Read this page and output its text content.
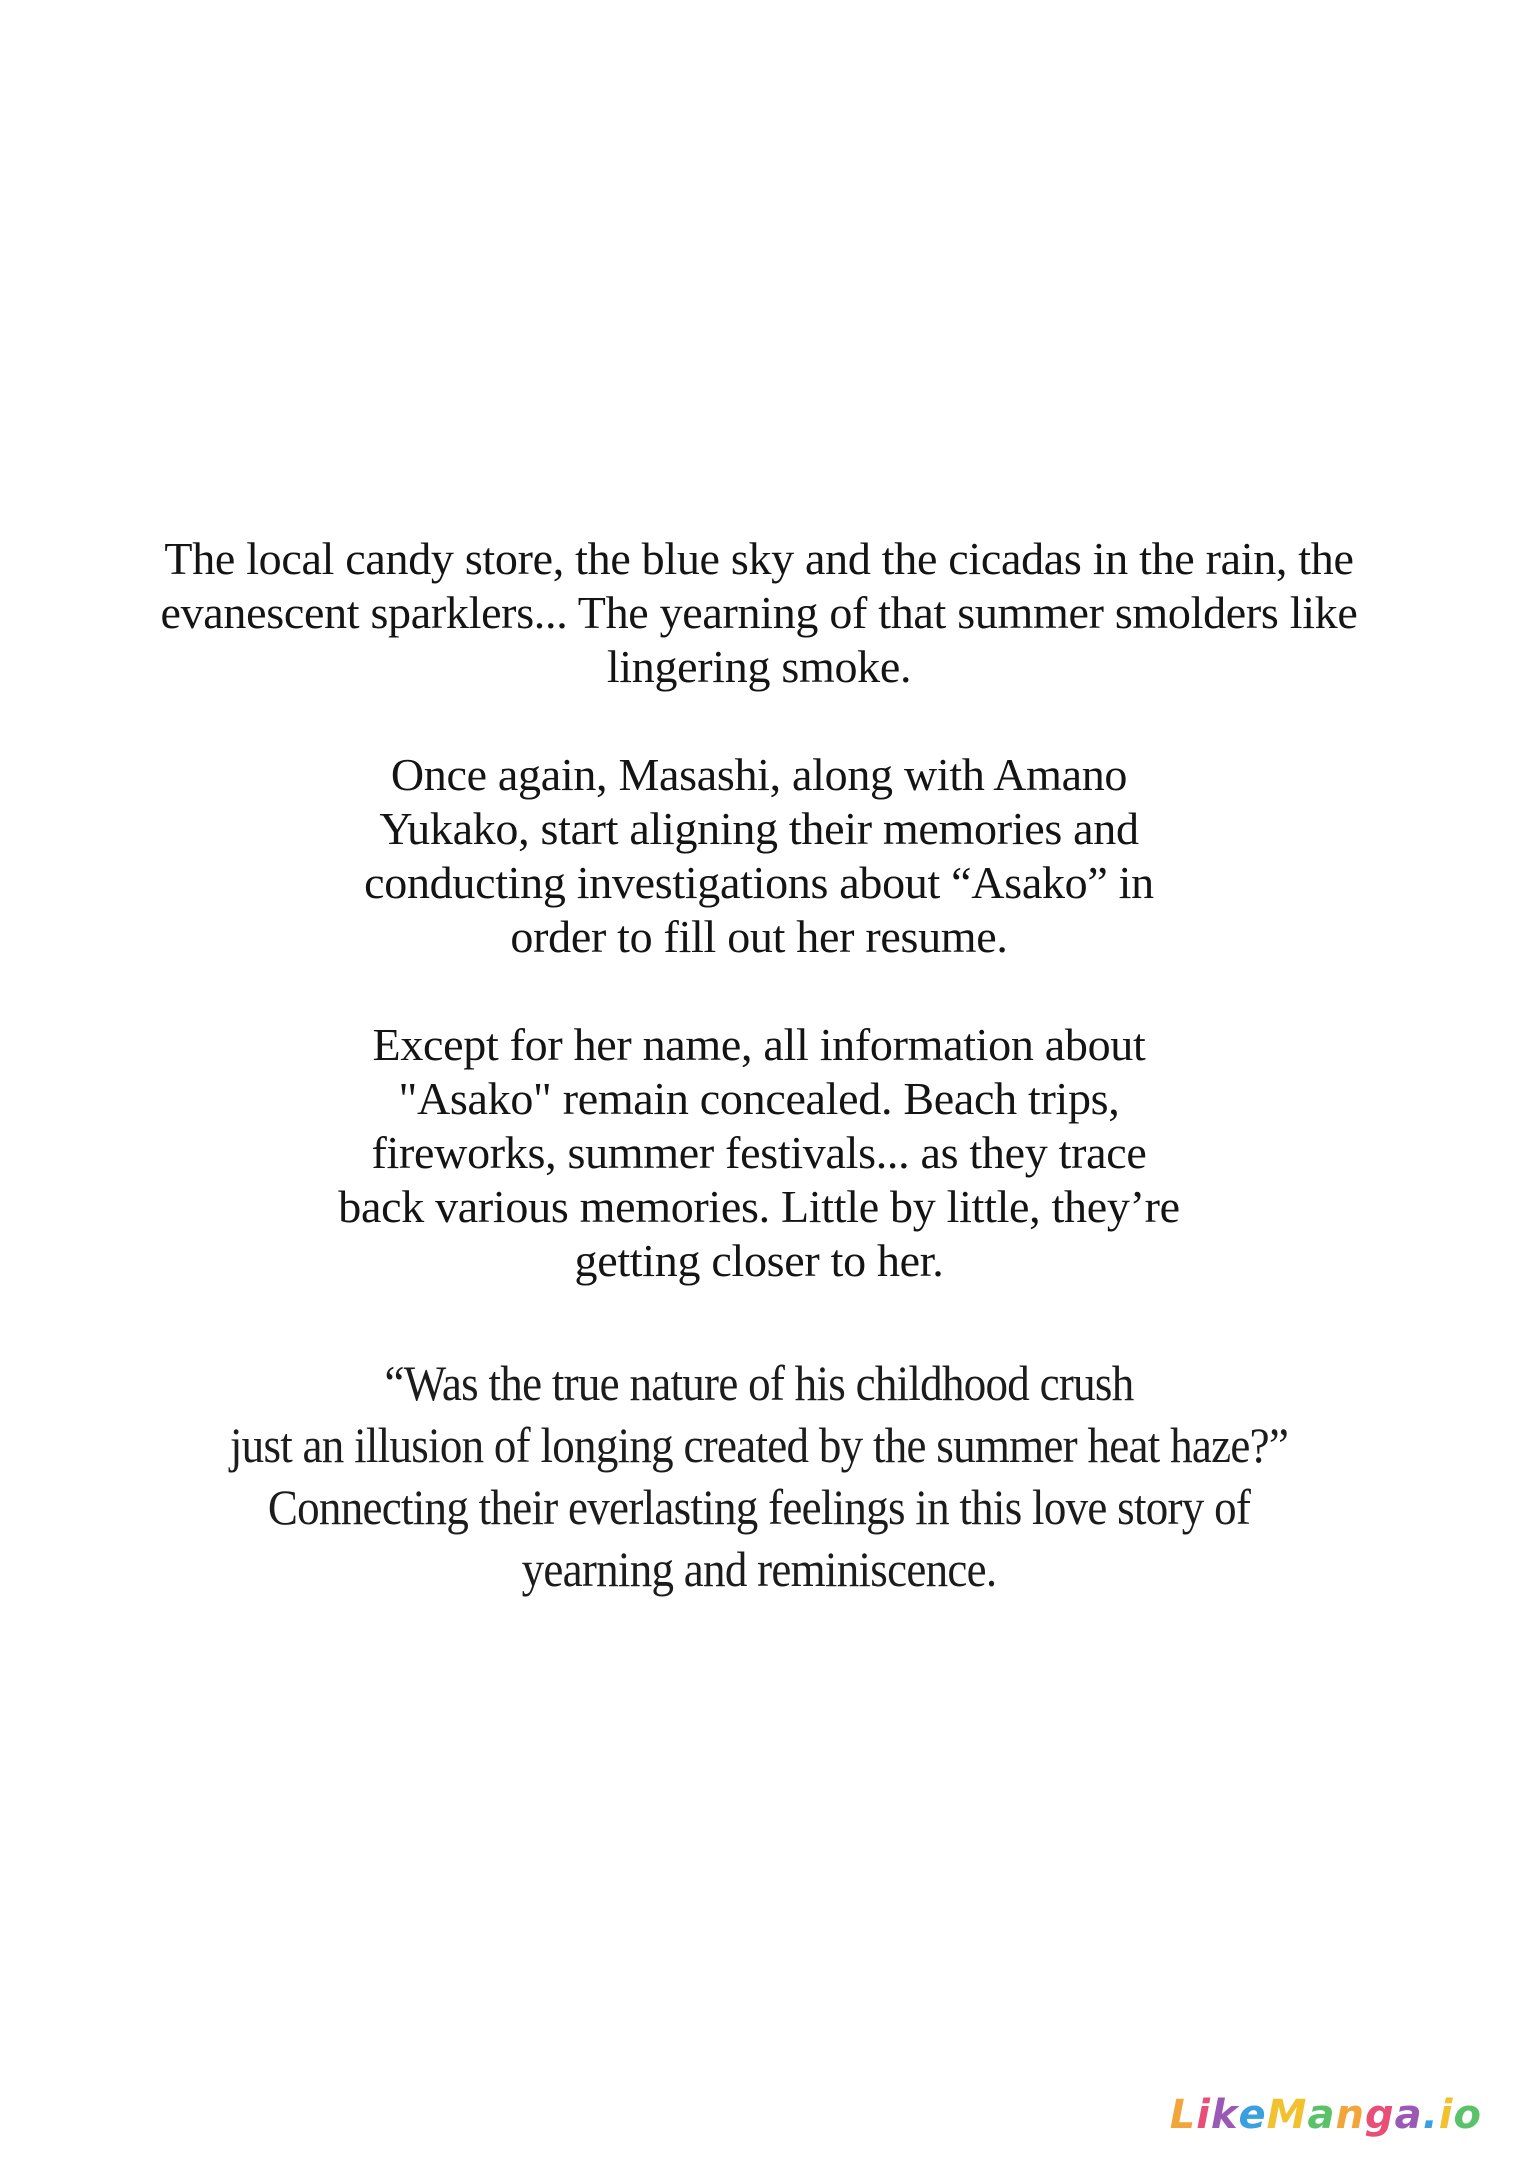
The local candy store, the blue sky and the cicadas in the rain, the
evanescent sparklers... The yearning of that summer smolders like
lingering smoke.
Once again, Masashi, along with Amano
Yukako, start aligning their memories and
conducting investigations about “Asako” in
order to fill out her resume.
Except for her name, all information about
"Asako" remain concealed. Beach trips,
fireworks, summer festivals... as they trace
back various memories. Little by little, they’re
getting closer to her.
“Was the true nature of his childhood crush
just an illusion of longing created by the summer heat haze?”
Connecting their everlasting feelings in this love story of
yearning and reminiscence.
LikeManga.io
